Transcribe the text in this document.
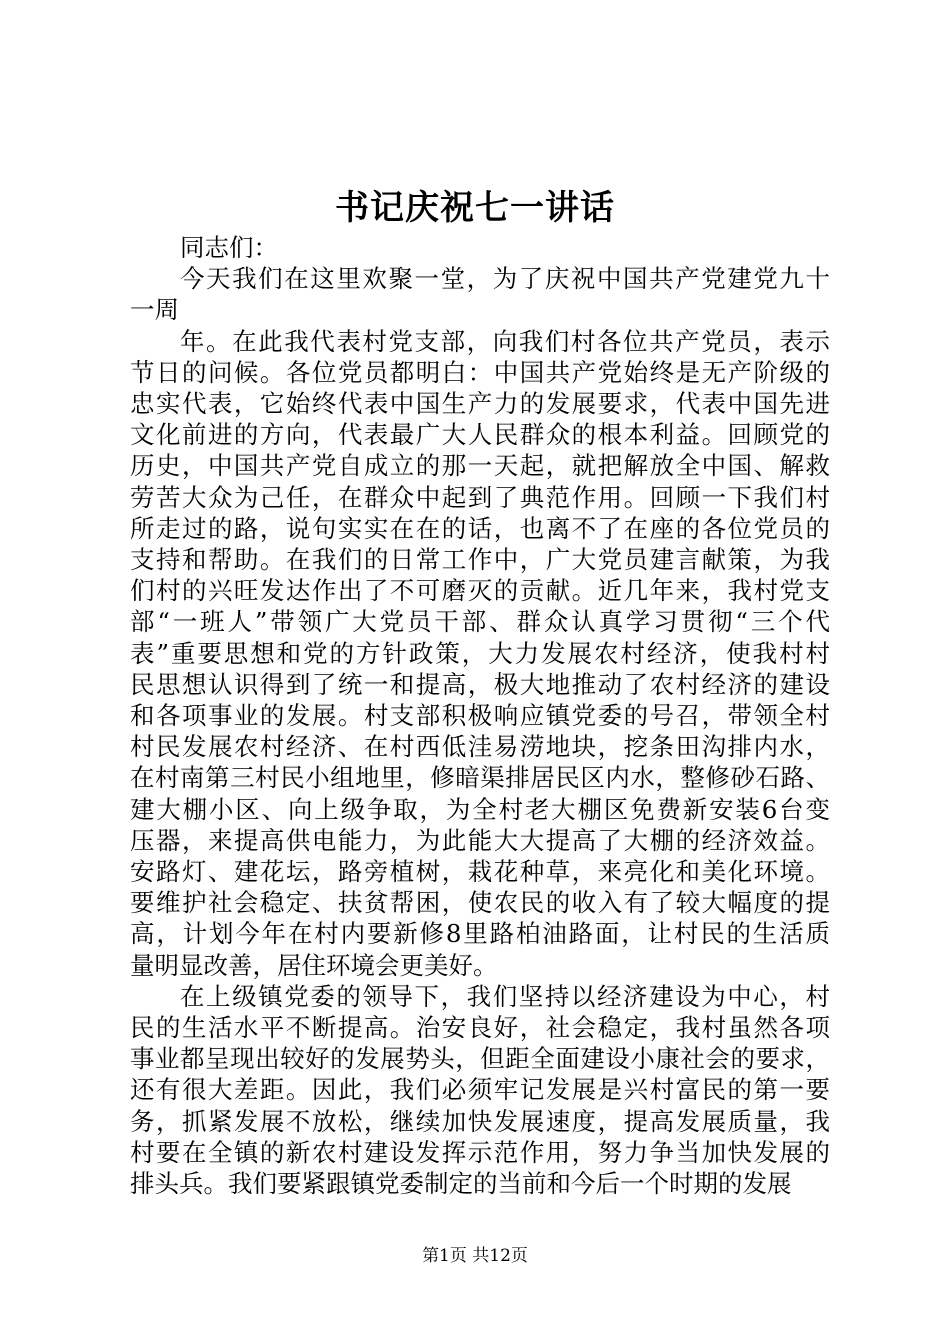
书记庆祝七一讲话
同志们：
今天我们在这里欢聚一堂，为了庆祝中国共产党建党九十
一周
年。在此我代表村党支部，向我们村各位共产党员，表示
节日的问候。各位党员都明白：中国共产党始终是无产阶级的
忠实代表，它始终代表中国生产力的发展要求，代表中国先进
文化前进的方向，代表最广大人民群众的根本利益。回顾党的
历史，中国共产党自成立的那一天起，就把解放全中国、解救
劳苦大众为己任，在群众中起到了典范作用。回顾一下我们村
所走过的路，说句实实在在的话，也离不了在座的各位党员的
支持和帮助。在我们的日常工作中，广大党员建言献策，为我
们村的兴旺发达作出了不可磨灭的贡献。近几年来，我村党支
部“一班人”带领广大党员干部、群众认真学习贯彻“三个代
表”重要思想和党的方针政策，大力发展农村经济，使我村村
民思想认识得到了统一和提高，极大地推动了农村经济的建设
和各项事业的发展。村支部积极响应镇党委的号召，带领全村
村民发展农村经济、在村西低洼易涝地块，挖条田沟排内水，
在村南第三村民小组地里，修暗渠排居民区内水，整修砂石路、
建大棚小区、向上级争取，为全村老大棚区免费新安装6台变
压器，来提高供电能力，为此能大大提高了大棚的经济效益。
安路灯、建花坛，路旁植树，栽花种草，来亮化和美化环境。
要维护社会稳定、扶贫帮困，使农民的收入有了较大幅度的提
高，计划今年在村内要新修8里路柏油路面，让村民的生活质
量明显改善，居住环境会更美好。
在上级镇党委的领导下，我们坚持以经济建设为中心，村
民的生活水平不断提高。治安良好，社会稳定，我村虽然各项
事业都呈现出较好的发展势头，但距全面建设小康社会的要求，
还有很大差距。因此，我们必须牢记发展是兴村富民的第一要
务，抓紧发展不放松，继续加快发展速度，提高发展质量，我
村要在全镇的新农村建设发挥示范作用，努力争当加快发展的
排头兵。我们要紧跟镇党委制定的当前和今后一个时期的发展
第1页 共12页
